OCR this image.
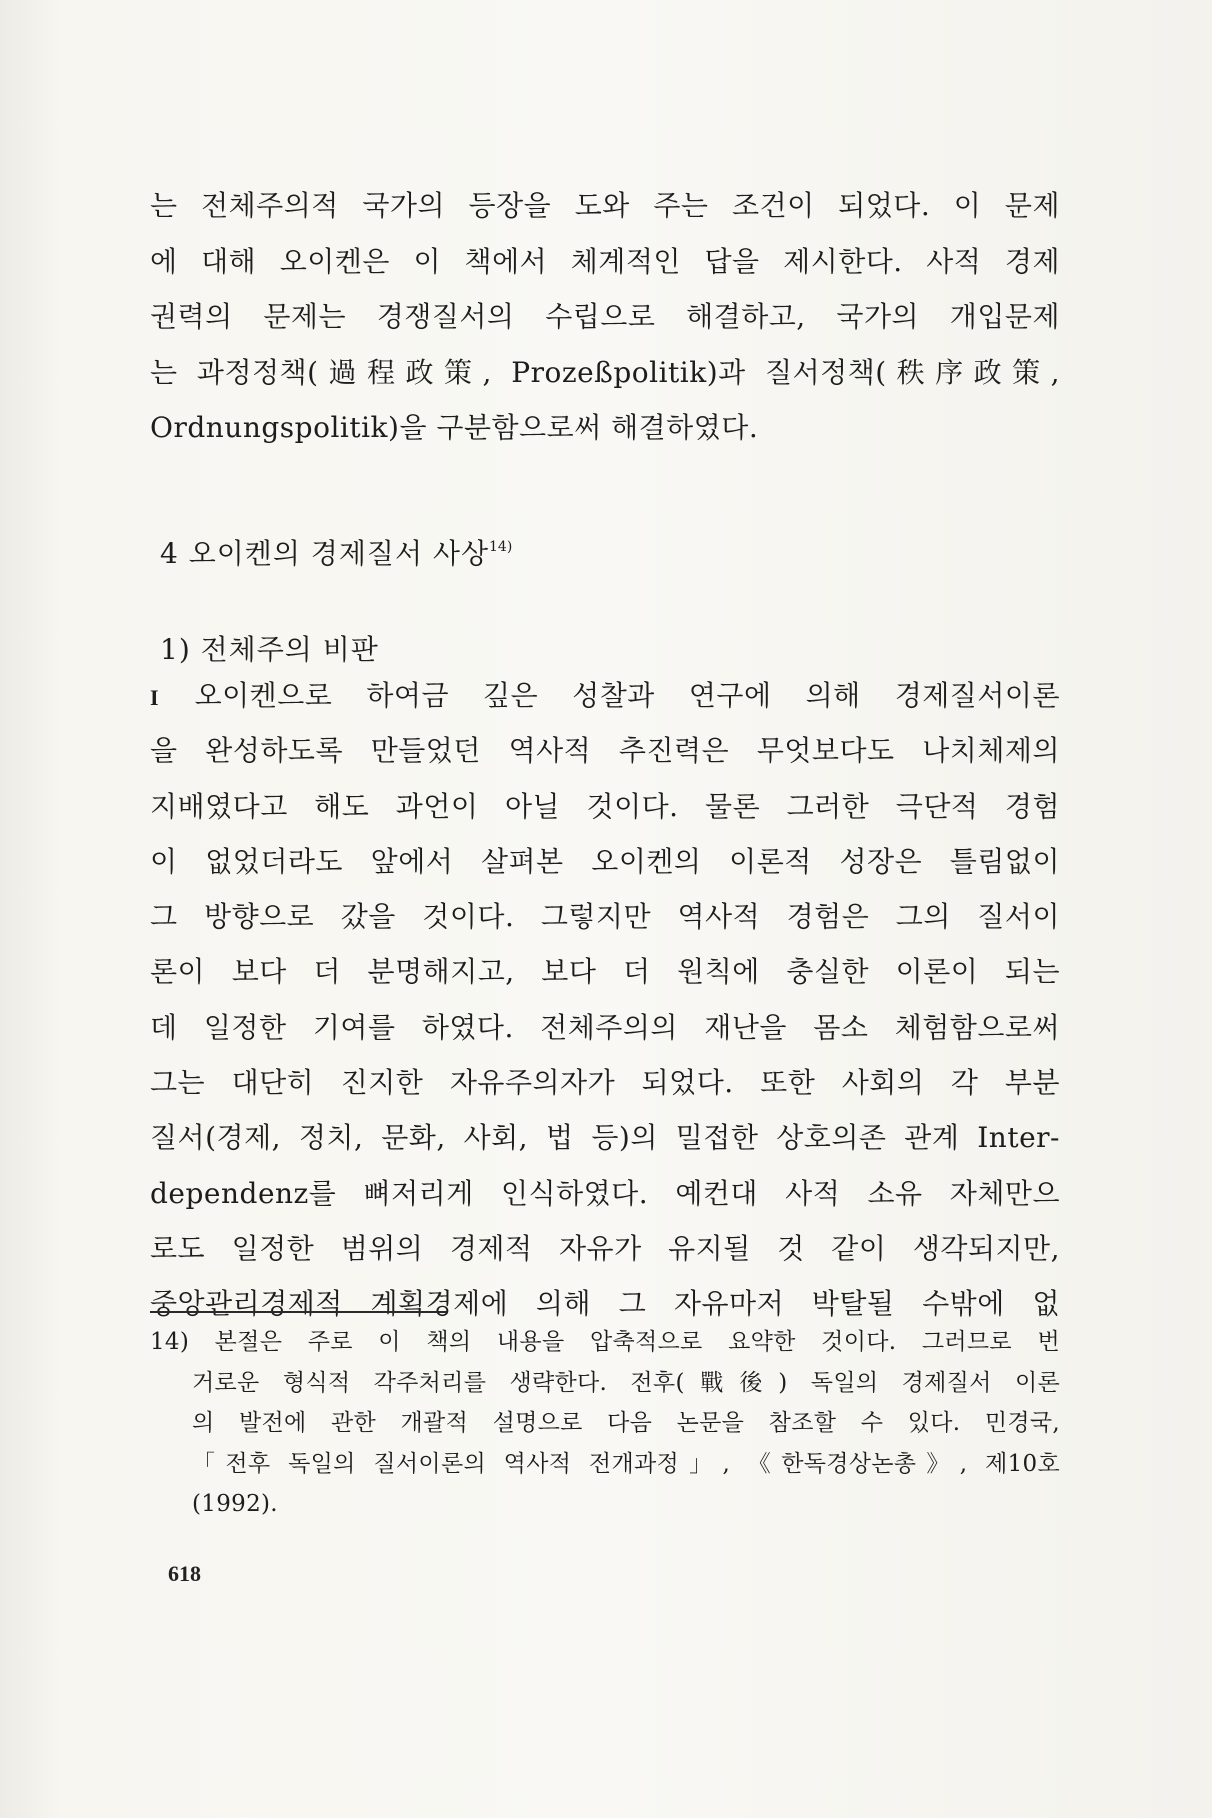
는 전체주의적 국가의 등장을 도와 주는 조건이 되었다. 이 문제
에 대해 오이켄은 이 책에서 체계적인 답을 제시한다. 사적 경제
권력의 문제는 경쟁질서의 수립으로 해결하고, 국가의 개입문제
는 과정정책(過程政策, Prozeßpolitik)과 질서정책(秩序政策,
Ordnungspolitik)을 구분함으로써 해결하였다.
4 오이켄의 경제질서 사상$^{14)}$
1) 전체주의 비판
I 오이켄으로 하여금 깊은 성찰과 연구에 의해 경제질서이론
을 완성하도록 만들었던 역사적 추진력은 무엇보다도 나치체제의
지배였다고 해도 과언이 아닐 것이다. 물론 그러한 극단적 경험
이 없었더라도 앞에서 살펴본 오이켄의 이론적 성장은 틀림없이
그 방향으로 갔을 것이다. 그렇지만 역사적 경험은 그의 질서이
론이 보다 더 분명해지고, 보다 더 원칙에 충실한 이론이 되는
데 일정한 기여를 하였다. 전체주의의 재난을 몸소 체험함으로써
그는 대단히 진지한 자유주의자가 되었다. 또한 사회의 각 부분
질서(경제, 정치, 문화, 사회, 법 등)의 밀접한 상호의존 관계 Inter-
dependenz를 뼈저리게 인식하였다. 예컨대 사적 소유 자체만으
로도 일정한 범위의 경제적 자유가 유지될 것 같이 생각되지만,
중앙관리경제적 계획경제에 의해 그 자유마저 박탈될 수밖에 없
14) 본절은 주로 이 책의 내용을 압축적으로 요약한 것이다. 그러므로 번
거로운 형식적 각주처리를 생략한다. 전후(戰後) 독일의 경제질서 이론
의 발전에 관한 개괄적 설명으로 다음 논문을 참조할 수 있다. 민경국,
「전후 독일의 질서이론의 역사적 전개과정」, 《한독경상논총》, 제10호
(1992).
618
